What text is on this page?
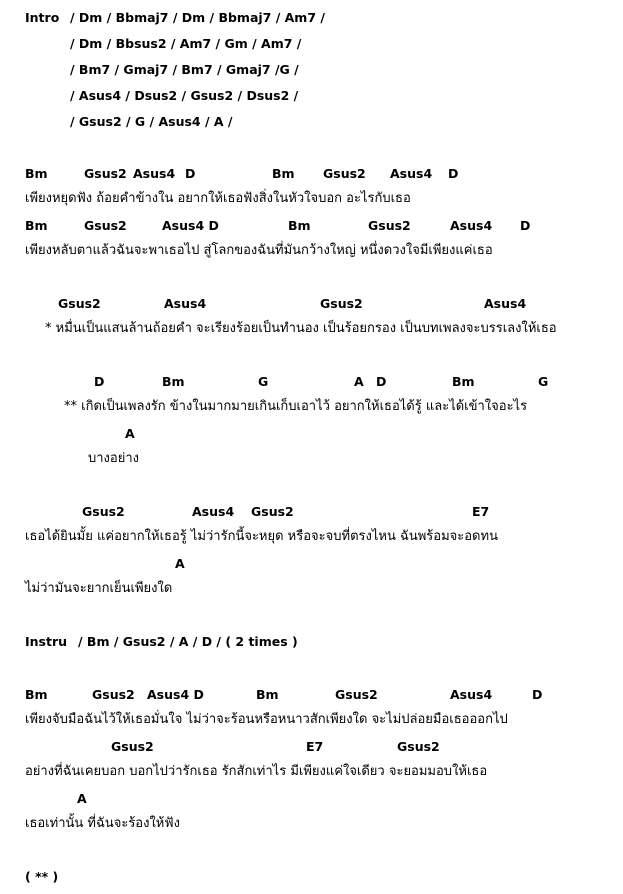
Intro / Dm / Bbmaj7 / Dm / Bbmaj7 / Am7 /
/ Dm / Bbsus2 / Am7 / Gm / Am7 /
/ Bm7 / Gmaj7 / Bm7 / Gmaj7 /G /
/ Asus4 / Dsus2 / Gsus2 / Dsus2 /
/ Gsus2 / G / Asus4 / A /
Bm	Gsus2 Asus4 D	Bm Gsus2 Asus4 D
เพียงหยุดฟัง ถ้อยคำข้างใน อยากให้เธอฟังสิ่งในหัวใจบอก อะไรกับเธอ
Bm	Gsus2	Asus4 D	Bm	Gsus2	Asus4 D
เพียงหลับตาแล้วฉันจะพาเธอไป สู่โลกของฉันที่มันกว้างใหญ่ หนึ่งดวงใจมีเพียงแค่เธอ
Gsus2	Asus4	Gsus2	Asus4
* หมื่นเป็นแสนล้านถ้อยคำ จะเรียงร้อยเป็นทำนอง เป็นร้อยกรอง เป็นบทเพลงจะบรรเลงให้เธอ
D	Bm	G	A D	Bm	G
** เกิดเป็นเพลงรัก ข้างในมากมายเกินเก็บเอาไว้ อยากให้เธอได้รู้ และได้เข้าใจอะไร
A
บางอย่าง
Gsus2	Asus4 Gsus2	E7
เธอได้ยินมั้ย แค่อยากให้เธอรู้ ไม่ว่ารักนี้จะหยุด หรือจะจบที่ตรงไหน ฉันพร้อมจะอดทน
A
ไม่ว่ามันจะยากเย็นเพียงใด
Instru / Bm / Gsus2 / A / D / ( 2 times )
Bm	Gsus2 Asus4 D	Bm	Gsus2	Asus4	D
เพียงจับมือฉันไว้ให้เธอมั่นใจ ไม่ว่าจะร้อนหรือหนาวสักเพียงใด จะไม่ปล่อยมือเธอออกไป
Gsus2	E7	Gsus2
อย่างที่ฉันเคยบอก บอกไปว่ารักเธอ รักสักเท่าไร มีเพียงแค่ใจเดียว จะยอมมอบให้เธอ
A
เธอเท่านั้น ที่ฉันจะร้องให้ฟัง
( ** )
